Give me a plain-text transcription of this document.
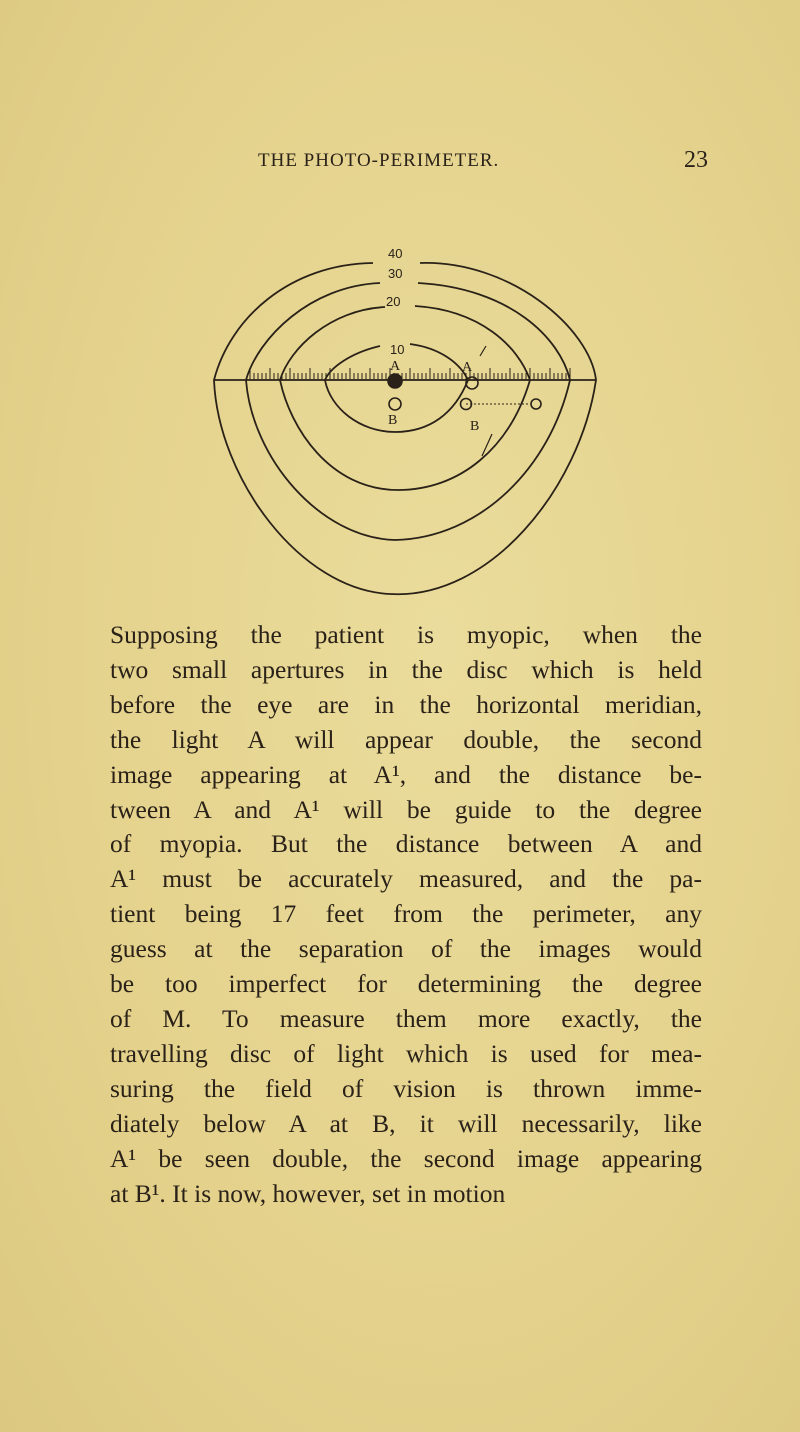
THE PHOTO-PERIMETER.	23
40
30
20
10
A	A
B	B
Supposing the patient is myopic, when the
two small apertures in the disc which is held
before the eye are in the horizontal meridian,
the light A will appear double, the second
image appearing at A¹, and the distance be-
tween A and A¹ will be guide to the degree
of myopia. But the distance between A and
A¹ must be accurately measured, and the pa-
tient being 17 feet from the perimeter, any
guess at the separation of the images would
be too imperfect for determining the degree
of M. To measure them more exactly, the
travelling disc of light which is used for mea-
suring the field of vision is thrown imme-
diately below A at B, it will necessarily, like
A¹ be seen double, the second image appearing
at B¹. It is now, however, set in motion
